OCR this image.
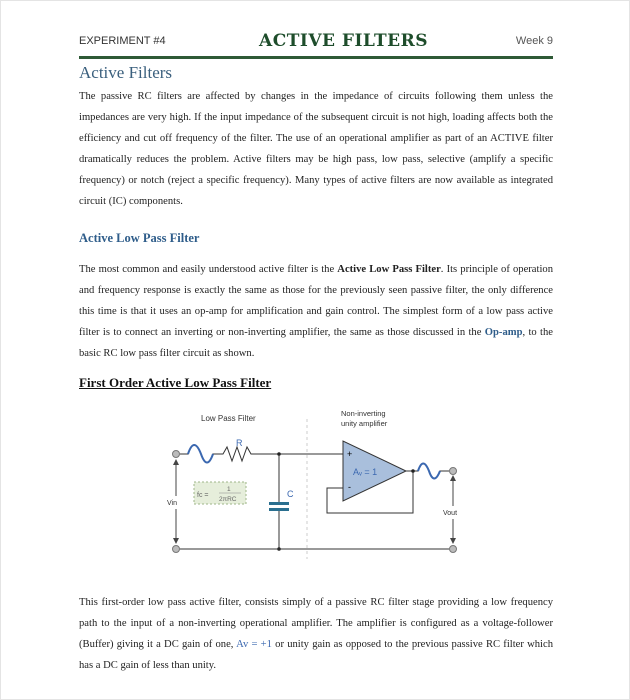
EXPERIMENT #4	ACTIVE FILTERS	Week 9
Active Filters
The passive RC filters are affected by changes in the impedance of circuits following them unless the impedances are very high. If the input impedance of the subsequent circuit is not high, loading affects both the efficiency and cut off frequency of the filter. The use of an operational amplifier as part of an ACTIVE filter dramatically reduces the problem. Active filters may be high pass, low pass, selective (amplify a specific frequency) or notch (reject a specific frequency). Many types of active filters are now available as integrated circuit (IC) components.
Active Low Pass Filter
The most common and easily understood active filter is the Active Low Pass Filter. Its principle of operation and frequency response is exactly the same as those for the previously seen passive filter, the only difference this time is that it uses an op-amp for amplification and gain control. The simplest form of a low pass active filter is to connect an inverting or non-inverting amplifier, the same as those discussed in the Op-amp, to the basic RC low pass filter circuit as shown.
First Order Active Low Pass Filter
Low Pass Filter
Non-inverting
unity amplifier
R
C
+
-
Aᵥ = 1
fc =
1
2πRC
Vin
Vout
This first-order low pass active filter, consists simply of a passive RC filter stage providing a low frequency path to the input of a non-inverting operational amplifier. The amplifier is configured as a voltage-follower (Buffer) giving it a DC gain of one, Av = +1 or unity gain as opposed to the previous passive RC filter which has a DC gain of less than unity.
